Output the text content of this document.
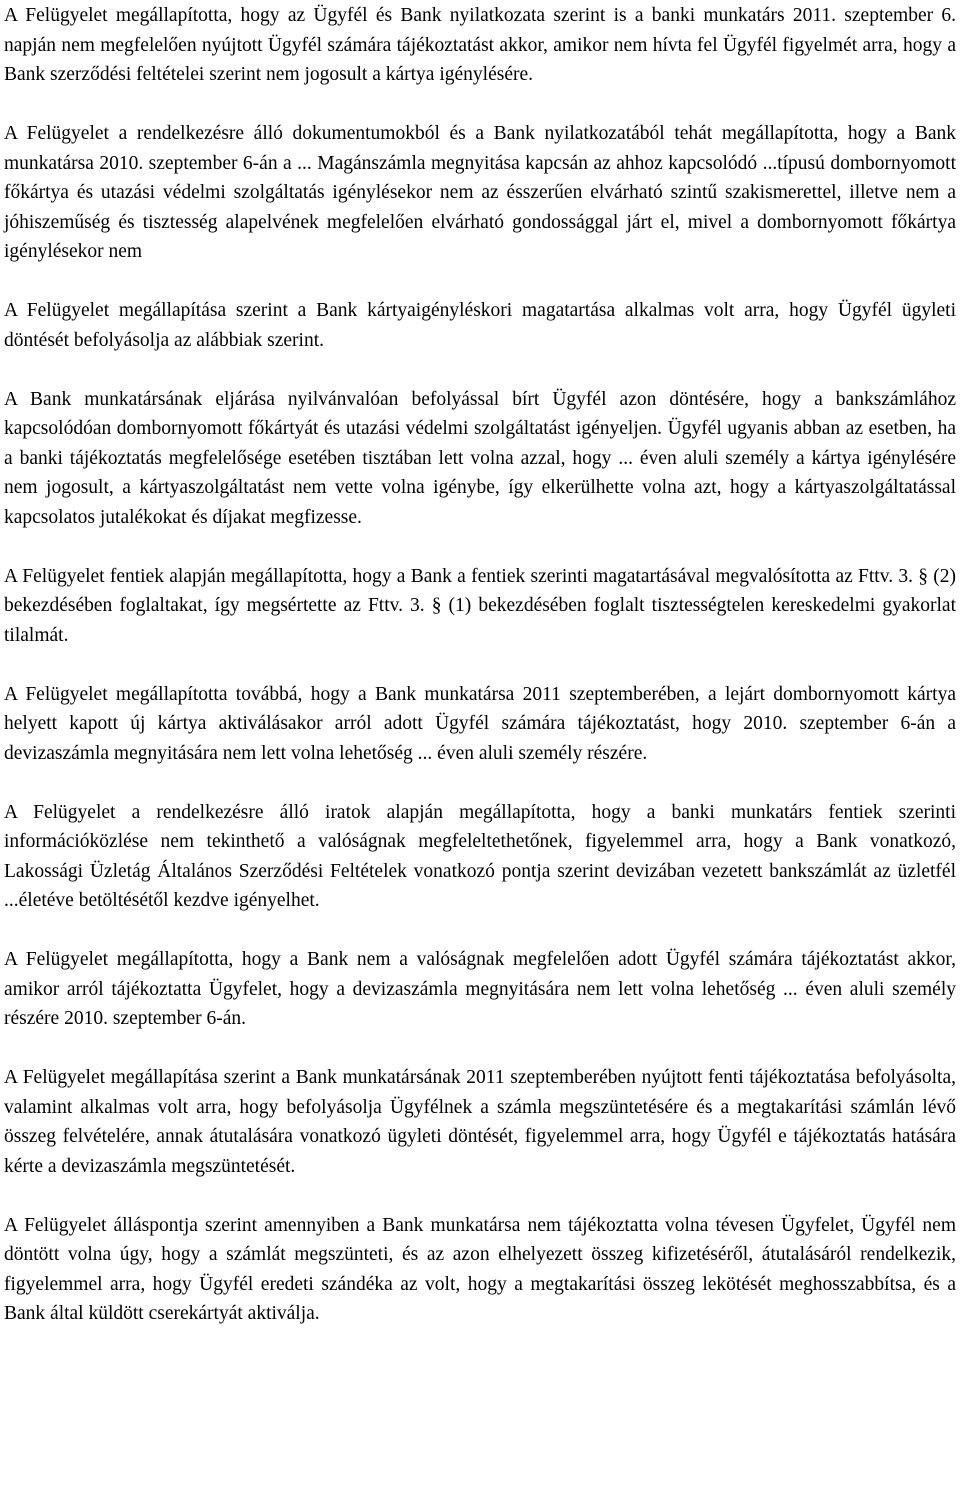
A Felügyelet megállapította, hogy az Ügyfél és Bank nyilatkozata szerint is a banki munkatárs 2011. szeptember 6. napján nem megfelelően nyújtott Ügyfél számára tájékoztatást akkor, amikor nem hívta fel Ügyfél figyelmét arra, hogy a Bank szerződési feltételei szerint nem jogosult a kártya igénylésére.

A Felügyelet a rendelkezésre álló dokumentumokból és a Bank nyilatkozatából tehát megállapította, hogy a Bank munkatársa 2010. szeptember 6-án a ... Magánszámla megnyitása kapcsán az ahhoz kapcsolódó ...típusú dombornyomott főkártya és utazási védelmi szolgáltatás igénylésekor nem az ésszerűen elvárható szintű szakismerettel, illetve nem a jóhiszeműség és tisztesség alapelvének megfelelően elvárható gondossággal járt el, mivel a dombornyomott főkártya igénylésekor nem

A Felügyelet megállapítása szerint a Bank kártyaigényléskori magatartása alkalmas volt arra, hogy Ügyfél ügyleti döntését befolyásolja az alábbiak szerint.

A Bank munkatársának eljárása nyilvánvalóan befolyással bírt Ügyfél azon döntésére, hogy a bankszámlához kapcsolódóan dombornyomott főkártyát és utazási védelmi szolgáltatást igényeljen. Ügyfél ugyanis abban az esetben, ha a banki tájékoztatás megfelelősége esetében tisztában lett volna azzal, hogy ... éven aluli személy a kártya igénylésére nem jogosult, a kártyaszolgáltatást nem vette volna igénybe, így elkerülhette volna azt, hogy a kártyaszolgáltatással kapcsolatos jutalékokat és díjakat megfizesse.

A Felügyelet fentiek alapján megállapította, hogy a Bank a fentiek szerinti magatartásával megvalósította az Fttv. 3. § (2) bekezdésében foglaltakat, így megsértette az Fttv. 3. § (1) bekezdésében foglalt tisztességtelen kereskedelmi gyakorlat tilalmát.

A Felügyelet megállapította továbbá, hogy a Bank munkatársa 2011 szeptemberében, a lejárt dombornyomott kártya helyett kapott új kártya aktiválásakor arról adott Ügyfél számára tájékoztatást, hogy 2010. szeptember 6-án a devizaszámla megnyitására nem lett volna lehetőség ... éven aluli személy részére.

A Felügyelet a rendelkezésre álló iratok alapján megállapította, hogy a banki munkatárs fentiek szerinti információközlése nem tekinthető a valóságnak megfeleltethetőnek, figyelemmel arra, hogy a Bank vonatkozó, Lakossági Üzletág Általános Szerződési Feltételek vonatkozó pontja szerint devizában vezetett bankszámlát az üzletfél ...életéve betöltésétől kezdve igényelhet.

A Felügyelet megállapította, hogy a Bank nem a valóságnak megfelelően adott Ügyfél számára tájékoztatást akkor, amikor arról tájékoztatta Ügyfelet, hogy a devizaszámla megnyitására nem lett volna lehetőség ... éven aluli személy részére 2010. szeptember 6-án.

A Felügyelet megállapítása szerint a Bank munkatársának 2011 szeptemberében nyújtott fenti tájékoztatása befolyásolta, valamint alkalmas volt arra, hogy befolyásolja Ügyfélnek a számla megszüntetésére és a megtakarítási számlán lévő összeg felvételére, annak átutalására vonatkozó ügyleti döntését, figyelemmel arra, hogy Ügyfél e tájékoztatás hatására kérte a devizaszámla megszüntetését.

A Felügyelet álláspontja szerint amennyiben a Bank munkatársa nem tájékoztatta volna tévesen Ügyfelet, Ügyfél nem döntött volna úgy, hogy a számlát megszünteti, és az azon elhelyezett összeg kifizetéséről, átutalásáról rendelkezik, figyelemmel arra, hogy Ügyfél eredeti szándéka az volt, hogy a megtakarítási összeg lekötését meghosszabbítsa, és a Bank által küldött cserekártyát aktiválja.
